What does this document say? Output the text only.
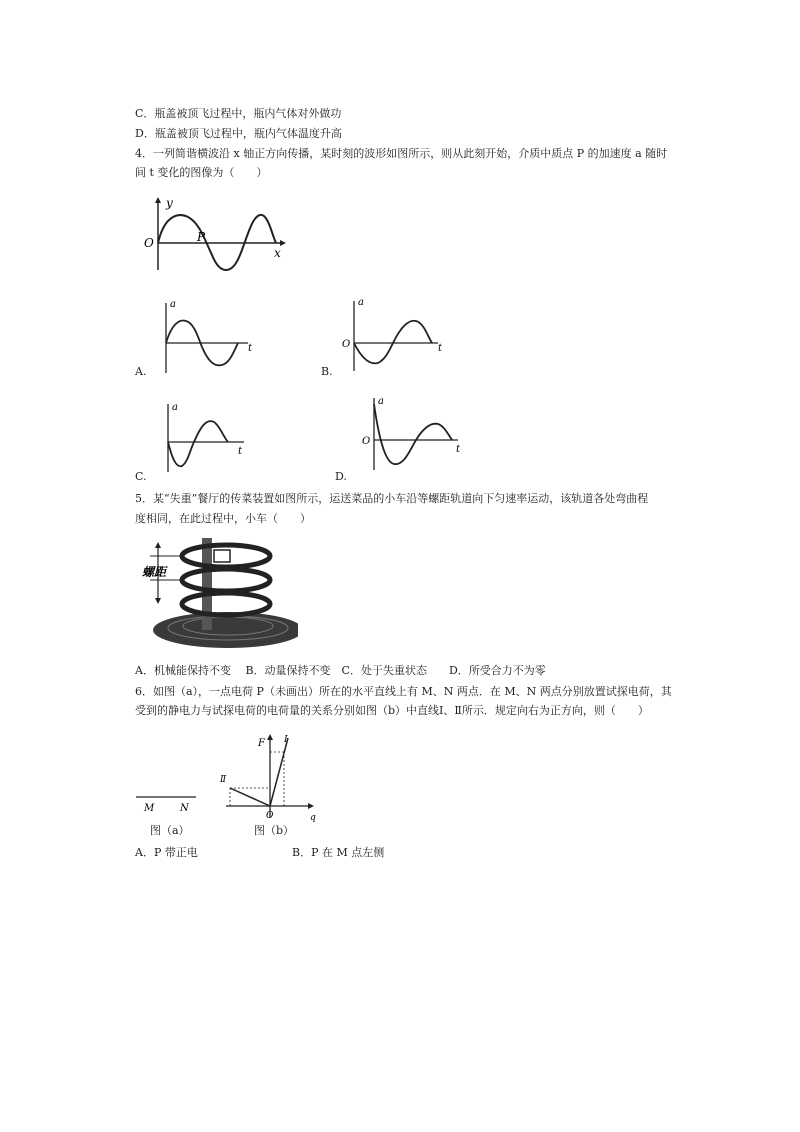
C．瓶盖被顶飞过程中，瓶内气体对外做功
D．瓶盖被顶飞过程中，瓶内气体温度升高
4．一列简谐横波沿 x 轴正方向传播，某时刻的波形如图所示，则从此刻开始，介质中质点 P 的加速度 a 随时
间 t 变化的图像为（　　）
y
x
O	P
a
t
A.
a
t
O
B.
a
t
C.
a
t
O
D.
5．某“失重”餐厅的传菜装置如图所示，运送菜品的小车沿等螺距轨道向下匀速率运动，该轨道各处弯曲程
度相同，在此过程中，小车（　　）
螺距
A．机械能保持不变　 B．动量保持不变　C．处于失重状态　　D．所受合力不为零
6．如图（a），一点电荷 P（未画出）所在的水平直线上有 M、N 两点．在 M、N 两点分别放置试探电荷，其
受到的静电力与试探电荷的电荷量的关系分别如图（b）中直线Ⅰ、Ⅱ所示．规定向右为正方向，则（　　）
M	N
图（a）
F Ⅰ
Ⅱ
O	q
图（b）
A．P 带正电	B．P 在 M 点左侧
